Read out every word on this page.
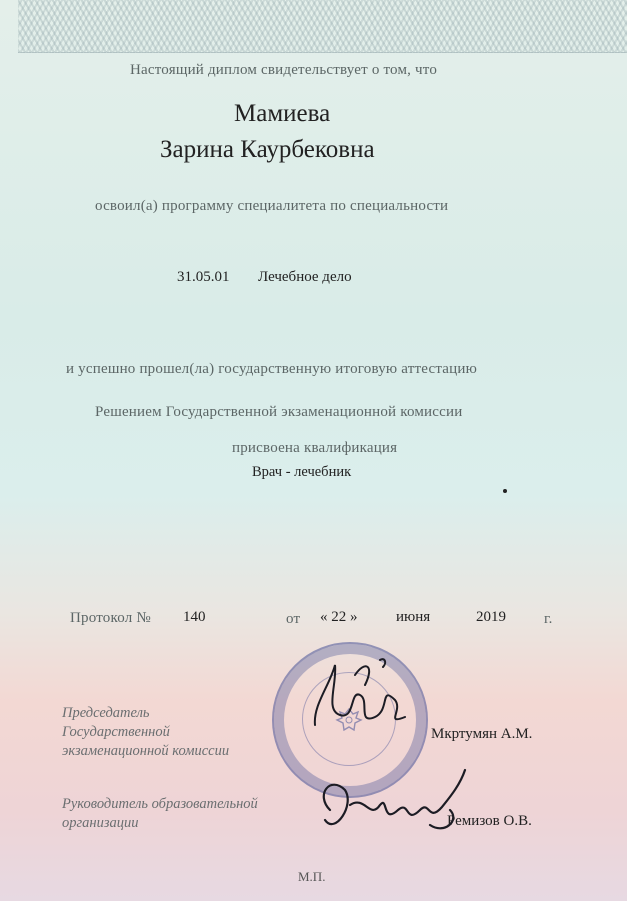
Настоящий диплом свидетельствует о том, что
Мамиева
Зарина Каурбековна
освоил(а) программу специалитета по специальности
31.05.01 Лечебное дело
и успешно прошел(ла) государственную итоговую аттестацию
Решением Государственной экзаменационной комиссии
присвоена квалификация
Врач - лечебник
Протокол № 140	от « 22 »	июня	2019	г.
Председатель
Государственной
экзаменационной комиссии
Мкртумян А.М.
Руководитель образовательной
организации	Ремизов О.В.
М.П.
